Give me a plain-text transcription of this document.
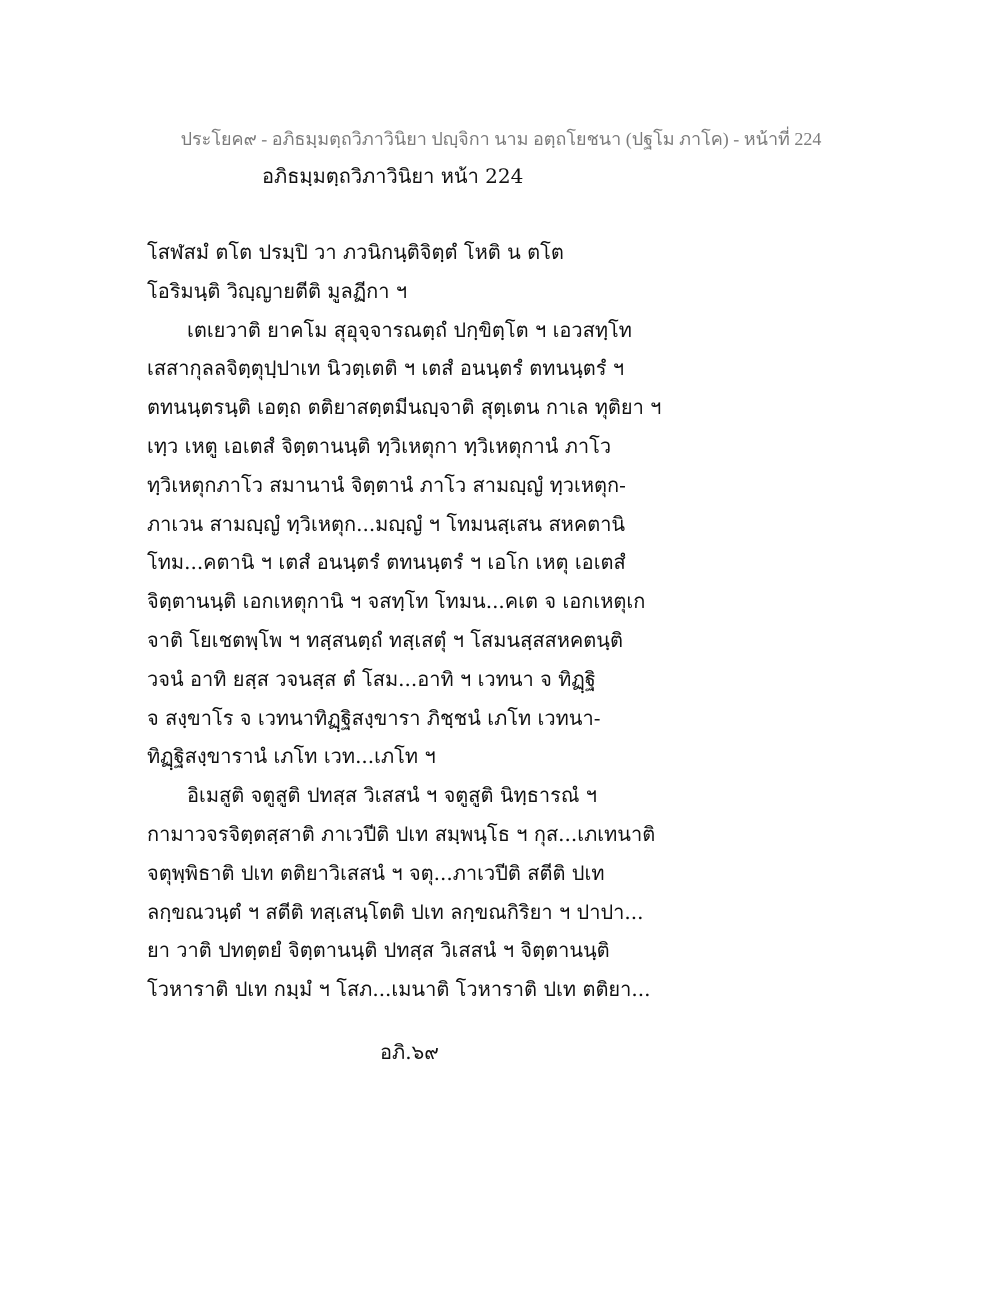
ประโยค๙ - อภิธมฺมตฺถวิภาวินิยา ปญฺจิกา นาม อตฺถโยชนา (ปฐโม ภาโค) - หน้าที่ 224
อภิธมฺมตฺถวิภาวินิยา หน้า 224
โสฬสมํ ตโต ปรมฺปิ วา ภวนิกนฺติจิตฺตํ โหติ น ตโต
โอริมนฺติ วิญฺญายตีติ มูลฏีกา ฯ
เตเยวาติ ยาคโม สุอุจฺจารณตฺถํ ปกฺขิตฺโต ฯ เอวสทฺโท
เสสากุลลจิตฺตุปฺปาเท นิวตฺเตติ ฯ เตสํ อนนฺตรํ ตทนนฺตรํ ฯ
ตทนนฺตรนฺติ เอตฺถ ตติยาสตฺตมีนญฺจาติ สุตฺเตน กาเล ทุติยา ฯ
เทฺว เหตู เอเตสํ จิตฺตานนฺติ ทฺวิเหตุกา ทฺวิเหตุกานํ ภาโว
ทฺวิเหตุกภาโว สมานานํ จิตฺตานํ ภาโว สามญฺญํ ทฺวเหตุก-
ภาเวน สามญฺญํ ทฺวิเหตุก...มญฺญํ ฯ โทมนสฺเสน สหคตานิ
โทม...คตานิ ฯ เตสํ อนนฺตรํ ตทนนฺตรํ ฯ เอโก เหตุ เอเตสํ
จิตฺตานนฺติ เอกเหตุกานิ ฯ จสทฺโท โทมน...คเต จ เอกเหตุเก
จาติ โยเชตพฺโพ ฯ ทสฺสนตฺถํ ทสฺเสตุํ ฯ โสมนสฺสสหคตนฺติ
วจนํ อาทิ ยสฺส วจนสฺส ตํ โสม...อาทิ ฯ เวทนา จ ทิฏฺฐิ
จ สงฺขาโร จ เวทนาทิฏฺฐิสงฺขารา ภิชฺชนํ เภโท เวทนา-
ทิฏฺฐิสงฺขารานํ เภโท เวท...เภโท ฯ
อิเมสูติ จตูสูติ ปทสฺส วิเสสนํ ฯ จตูสูติ นิทฺธารณํ ฯ
กามาวจรจิตฺตสฺสาติ ภาเวปีติ ปเท สมฺพนฺโธ ฯ กุส...เภเทนาติ
จตุพฺพิธาติ ปเท ตติยาวิเสสนํ ฯ จตุ...ภาเวปีติ สตีติ ปเท
ลกฺขณวนฺตํ ฯ สตีติ ทสฺเสนฺโตติ ปเท ลกฺขณกิริยา ฯ ปาปา...
ยา วาติ ปทตฺตยํ จิตฺตานนฺติ ปทสฺส วิเสสนํ ฯ จิตฺตานนฺติ
โวหาราติ ปเท กมฺมํ ฯ โสภ...เมนาติ โวหาราติ ปเท ตติยา...
อภิ.๖๙
